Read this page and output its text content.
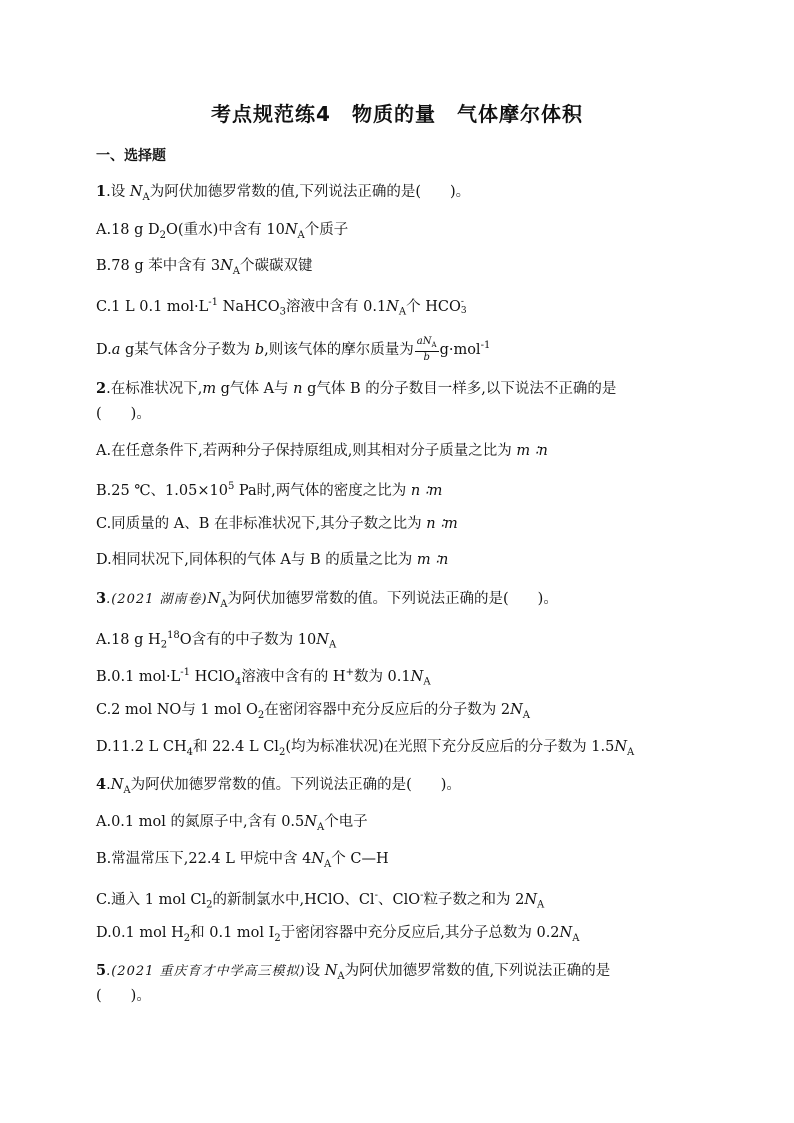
考点规范练4　物质的量　气体摩尔体积
一、选择题
1.设 $N_A$为阿伏加德罗常数的值,下列说法正确的是(　　)。
A.18 g $D_2O$(重水)中含有 $10N_A$个质子
B.78 g 苯中含有 $3N_A$个碳碳双键
C.1 L 0.1 $mol\cdot L^{-1}$ NaHCO$_3$溶液中含有 $0.1N_A$个 HCO -
3
D.a g某气体含分子数为 b,则该气体的摩尔质量为 $\frac{aN_A}{b} g\cdot mol^{-1}$
2.在标准状况下,m g气体 A与 n g气体 B 的分子数目一样多,以下说法不正确的是
(　　)。
A.在任意条件下,若两种分子保持原组成,则其相对分子质量之比为 m ∶n
B.25 ℃、$1.05\times 10^5$ Pa时,两气体的密度之比为 n ∶m
C.同质量的 A、B 在非标准状况下,其分子数之比为 n ∶m
D.相同状况下,同体积的气体 A与 B 的质量之比为 m ∶n
3.(2021 湖南卷)$N_A$为阿伏加德罗常数的值。下列说法正确的是(　　)。
A.18 g $H_2^{18}O$含有的中子数为 $10N_A$
B.0.1 $mol\cdot L^{-1}$ HClO$_4$溶液中含有的 H+数为 $0.1N_A$
C.2 mol NO与 1 mol $O_2$在密闭容器中充分反应后的分子数为 $2N_A$
D.11.2 L $CH_4$和 22.4 L $Cl_2$(均为标准状况)在光照下充分反应后的分子数为 $1.5N_A$
$4.N_A$为阿伏加德罗常数的值。下列说法正确的是(　　)。
A.0.1 mol 的氮原子中,含有 $0.5N_A$个电子
B.常温常压下,22.4 L 甲烷中含 $4N_A$个 C—H
C.通入 1 mol $Cl_2$的新制氯水中,HClO、Cl-、ClO-粒子数之和为 $2N_A$
D.0.1 mol $H_2$和 0.1 mol $I_2$于密闭容器中充分反应后,其分子总数为 $0.2N_A$
5.(2021 重庆育才中学高三模拟)设 $N_A$为阿伏加德罗常数的值,下列说法正确的是
(　　)。
